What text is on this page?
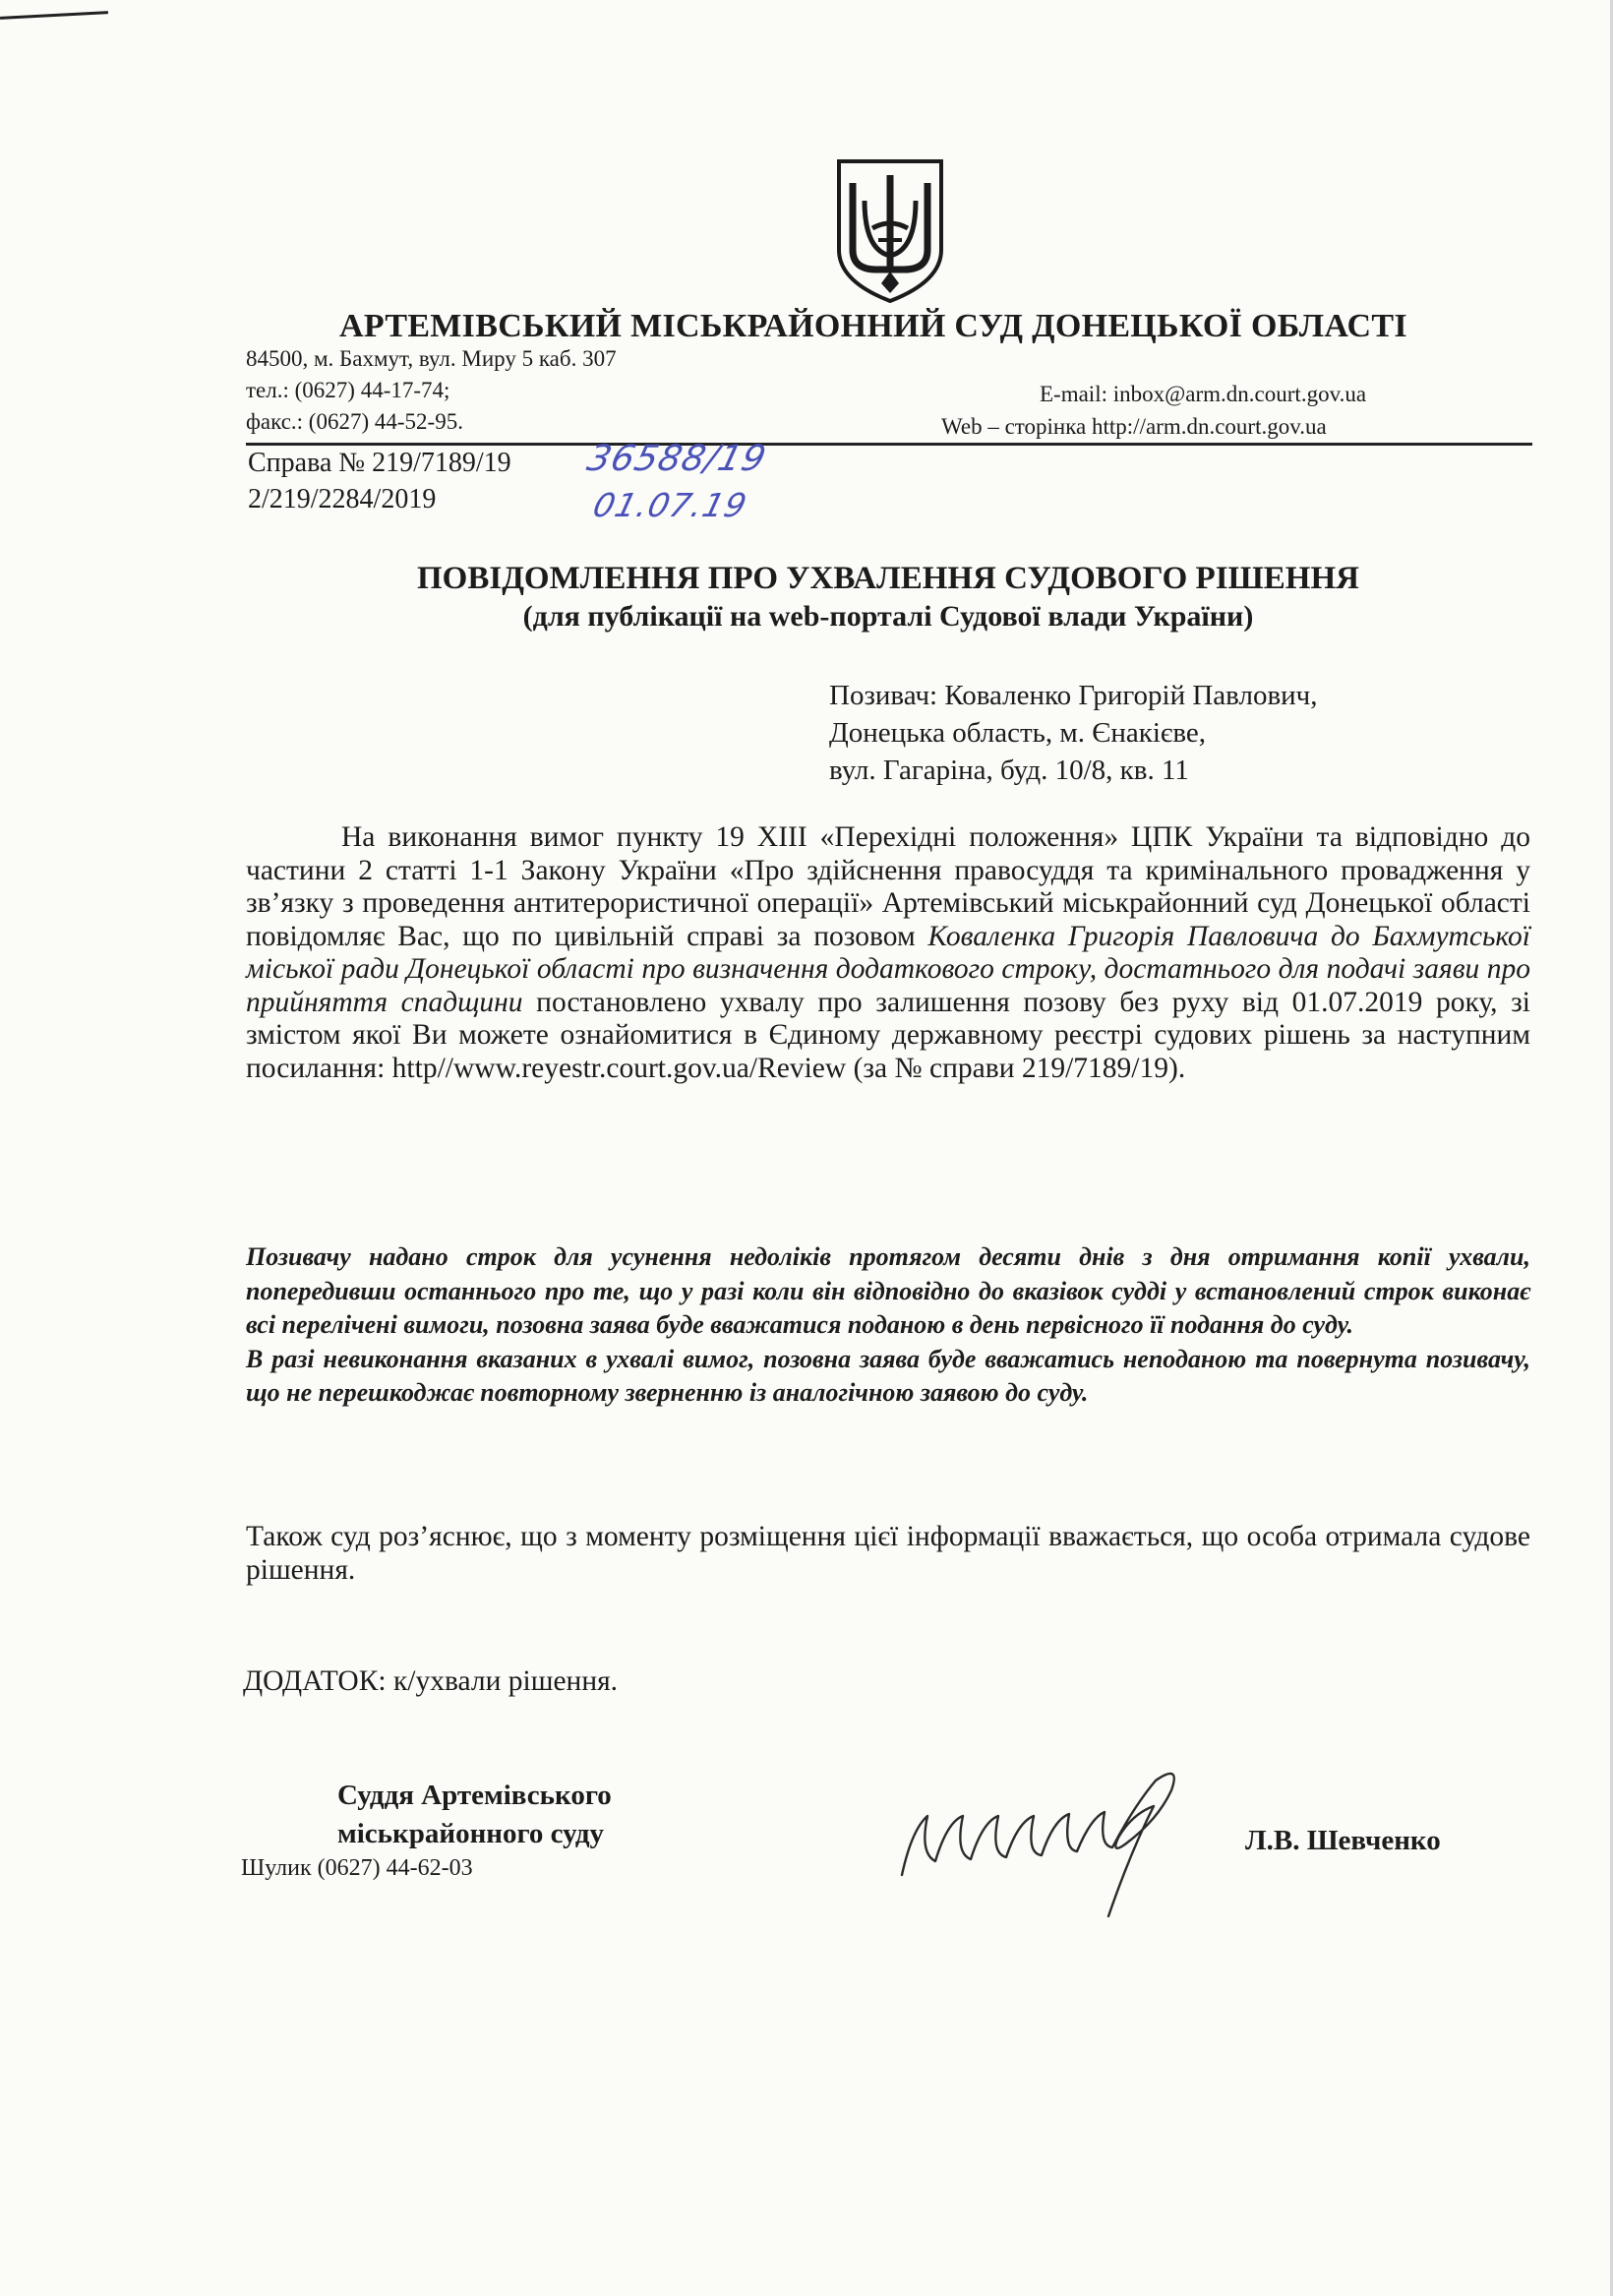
АРТЕМІВСЬКИЙ МІСЬКРАЙОННИЙ СУД ДОНЕЦЬКОЇ ОБЛАСТІ
84500, м. Бахмут, вул. Миру 5 каб. 307
тел.: (0627) 44-17-74;
факс.: (0627) 44-52-95.
E-mail: inbox@arm.dn.court.gov.ua
Web – сторінка http://arm.dn.court.gov.ua
Справа № 219/7189/19
2/219/2284/2019
36588/19
01.07.19
ПОВІДОМЛЕННЯ ПРО УХВАЛЕННЯ СУДОВОГО РІШЕННЯ
(для публікації на web-порталі Судової влади України)
Позивач: Коваленко Григорій Павлович,
Донецька область, м. Єнакієве,
вул. Гагаріна, буд. 10/8, кв. 11

На виконання вимог пункту 19 ХІІІ «Перехідні положення» ЦПК України та відповідно до частини 2 статті 1-1 Закону України «Про здійснення правосуддя та кримінального провадження у зв’язку з проведення антитерористичної операції» Артемівський міськрайонний суд Донецької області повідомляє Вас, що по цивільній справі за позовом Коваленка Григорія Павловича до Бахмутської міської ради Донецької області про визначення додаткового строку, достатнього для подачі заяви про прийняття спадщини постановлено ухвалу про залишення позову без руху від 01.07.2019 року, зі змістом якої Ви можете ознайомитися в Єдиному державному реєстрі судових рішень за наступним посилання: http//www.reyestr.court.gov.ua/Review (за № справи 219/7189/19).

Позивачу надано строк для усунення недоліків протягом десяти днів з дня отримання копії ухвали, попередивши останнього про те, що у разі коли він відповідно до вказівок судді у встановлений строк виконає всі перелічені вимоги, позовна заява буде вважатися поданою в день первісного її подання до суду.
В разі невиконання вказаних в ухвалі вимог, позовна заява буде вважатись неподаною та повернута позивачу, що не перешкоджає повторному зверненню із аналогічною заявою до суду.

Також суд роз’яснює, що з моменту розміщення цієї інформації вважається, що особа отримала судове рішення.

ДОДАТОК: к/ухвали рішення.
Суддя Артемівського
міськрайонного суду
Шулик (0627) 44-62-03
Л.В. Шевченко
